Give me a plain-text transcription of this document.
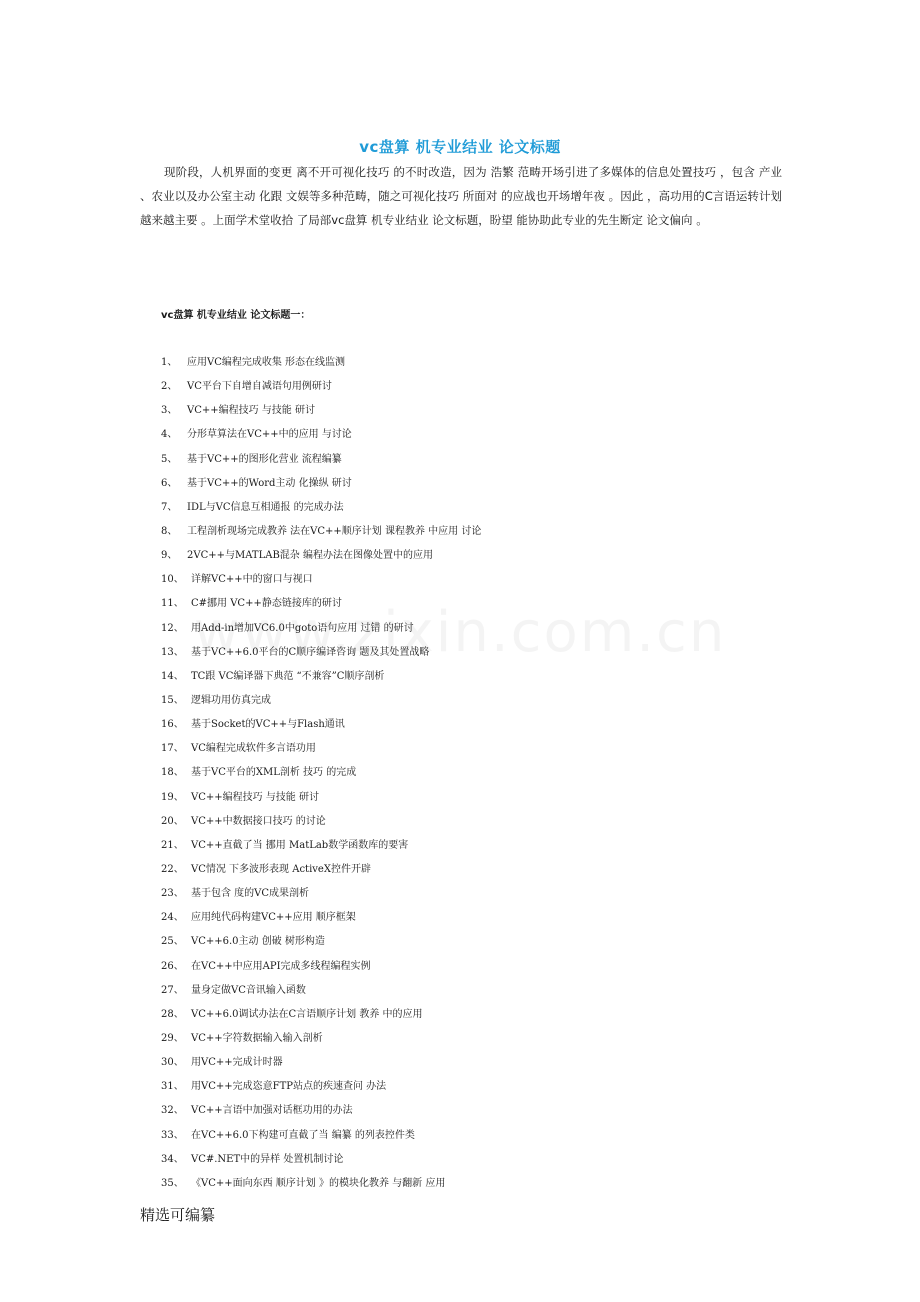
vc盘算 机专业结业 论文标题

现阶段，人机界面的变更 离不开可视化技巧 的不时改造，因为 浩繁 范畴开场引进了多媒体的信息处置技巧 ，包含 产业 、农业以及办公室主动 化跟 文娱等多种范畴，随之可视化技巧 所面对 的应战也开场增年夜 。因此 ，高功用的C言语运转计划 越来越主要 。上面学术堂收拾 了局部vc盘算 机专业结业 论文标题，盼望 能协助此专业的先生断定 论文偏向 。

vc盘算 机专业结业 论文标题一：
1、 应用VC编程完成收集 形态在线监测
2、 VC平台下自增自减语句用例研讨
3、 VC++编程技巧 与技能 研讨
4、 分形草算法在VC++中的应用 与讨论
5、 基于VC++的图形化营业 流程编纂
6、 基于VC++的Word主动 化操纵 研讨
7、 IDL与VC信息互相通报 的完成办法
8、 工程剖析现场完成教养 法在VC++顺序计划 课程教养 中应用 讨论
9、 2VC++与MATLAB混杂 编程办法在图像处置中的应用
10、 详解VC++中的窗口与视口
11、 C#挪用 VC++静态链接库的研讨
12、 用Add-in增加VC6.0中goto语句应用 过错 的研讨
13、 基于VC++6.0平台的C顺序编译咨询 题及其处置战略
14、 TC跟 VC编译器下典范 “不兼容”C顺序剖析
15、 逻辑功用仿真完成
16、 基于Socket的VC++与Flash通讯
17、 VC编程完成软件多言语功用
18、 基于VC平台的XML剖析 技巧 的完成
19、 VC++编程技巧 与技能 研讨
20、 VC++中数据接口技巧 的讨论
21、 VC++直截了当 挪用 MatLab数学函数库的要害
22、 VC情况 下多波形表现 ActiveX控件开辟
23、 基于包含 度的VC成果剖析
24、 应用纯代码构建VC++应用 顺序框架
25、 VC++6.0主动 创破 树形构造
26、 在VC++中应用API完成多线程编程实例
27、 量身定做VC音讯输入函数
28、 VC++6.0调试办法在C言语顺序计划 教养 中的应用
29、 VC++字符数据输入输入剖析
30、 用VC++完成计时器
31、 用VC++完成恣意FTP站点的疾速查问 办法
32、 VC++言语中加强对话框功用的办法
33、 在VC++6.0下构建可直截了当 编纂 的列表控件类
34、 VC#.NET中的异样 处置机制讨论
35、 《VC++面向东西 顺序计划 》的模块化教养 与翻新 应用
精选可编纂
